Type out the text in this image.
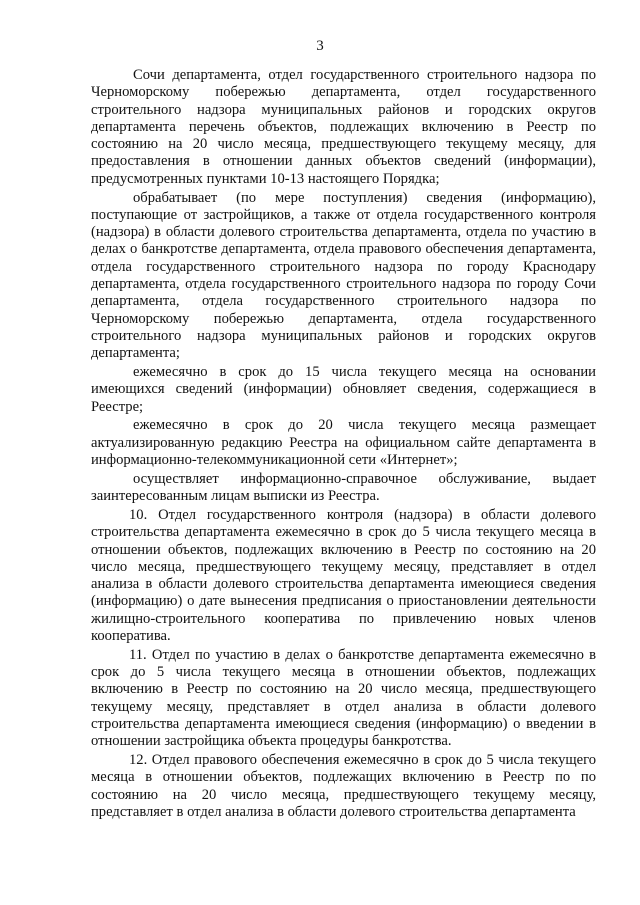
3

Сочи департамента, отдел государственного строительного надзора по Черноморскому побережью департамента, отдел государственного строительного надзора муниципальных районов и городских округов департамента перечень объектов, подлежащих включению в Реестр по состоянию на 20 число месяца, предшествующего текущему месяцу, для предоставления в отношении данных объектов сведений (информации), предусмотренных пунктами 10-13 настоящего Порядка;

обрабатывает (по мере поступления) сведения (информацию), поступающие от застройщиков, а также от отдела государственного контроля (надзора) в области долевого строительства департамента, отдела по участию в делах о банкротстве департамента, отдела правового обеспечения департамента, отдела государственного строительного надзора по городу Краснодару департамента, отдела государственного строительного надзора по городу Сочи департамента, отдела государственного строительного надзора по Черноморскому побережью департамента, отдела государственного строительного надзора муниципальных районов и городских округов департамента;

ежемесячно в срок до 15 числа текущего месяца на основании имеющихся сведений (информации) обновляет сведения, содержащиеся в Реестре;

ежемесячно в срок до 20 числа текущего месяца размещает актуализированную редакцию Реестра на официальном сайте департамента в информационно-телекоммуникационной сети «Интернет»;

осуществляет информационно-справочное обслуживание, выдает заинтересованным лицам выписки из Реестра.

10. Отдел государственного контроля (надзора) в области долевого строительства департамента ежемесячно в срок до 5 числа текущего месяца в отношении объектов, подлежащих включению в Реестр по состоянию на 20 число месяца, предшествующего текущему месяцу, представляет в отдел анализа в области долевого строительства департамента имеющиеся сведения (информацию) о дате вынесения предписания о приостановлении деятельности жилищно-строительного кооператива по привлечению новых членов кооператива.

11. Отдел по участию в делах о банкротстве департамента ежемесячно в срок до 5 числа текущего месяца в отношении объектов, подлежащих включению в Реестр по состоянию на 20 число месяца, предшествующего текущему месяцу, представляет в отдел анализа в области долевого строительства департамента имеющиеся сведения (информацию) о введении в отношении застройщика объекта процедуры банкротства.

12. Отдел правового обеспечения ежемесячно в срок до 5 числа текущего месяца в отношении объектов, подлежащих включению в Реестр по по состоянию на 20 число месяца, предшествующего текущему месяцу, представляет в отдел анализа в области долевого строительства департамента
